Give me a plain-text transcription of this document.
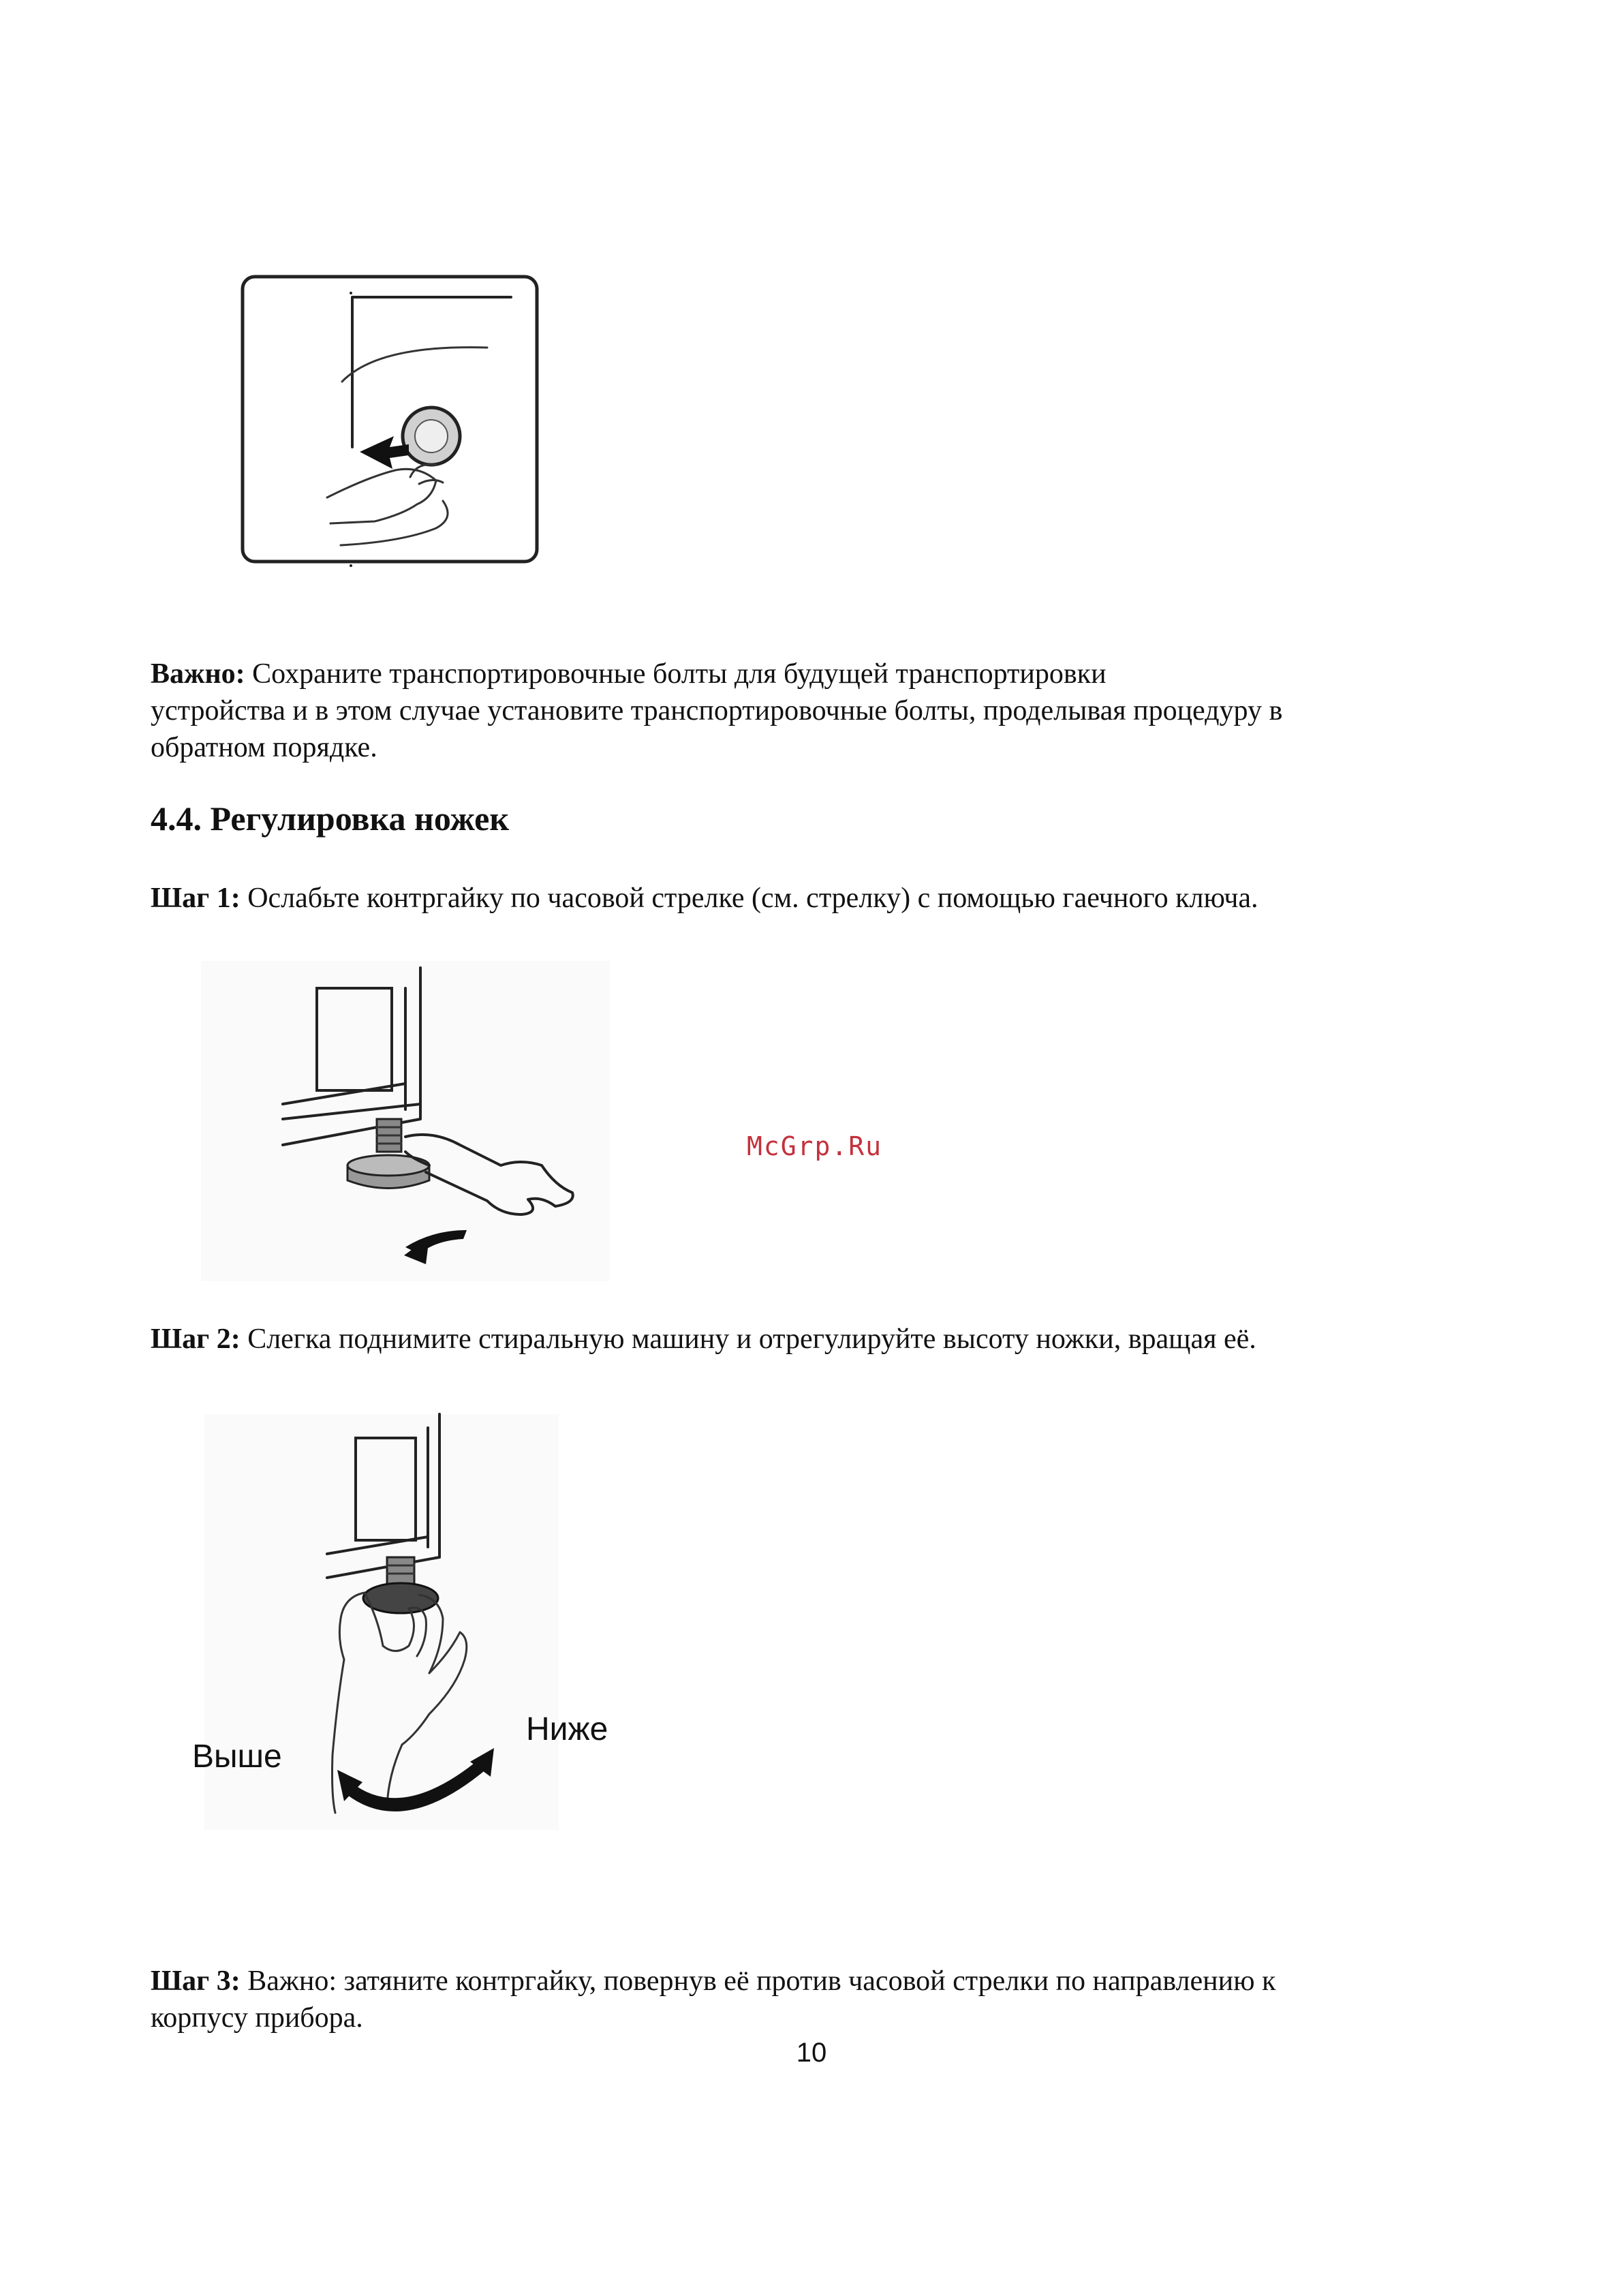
Важно: Сохраните транспортировочные болты для будущей транспортировки
устройства и в этом случае установите транспортировочные болты, проделывая процедуру в
обратном порядке.

4.4. Регулировка ножек

Шаг 1: Ослабьте контргайку по часовой стрелке (см. стрелку) с помощью гаечного ключа.

McGrp.Ru

Шаг 2: Слегка поднимите стиральную машину и отрегулируйте высоту ножки, вращая её.

Выше
Ниже

Шаг 3: Важно: затяните контргайку, повернув её против часовой стрелки по направлению к
корпусу прибора.

10
